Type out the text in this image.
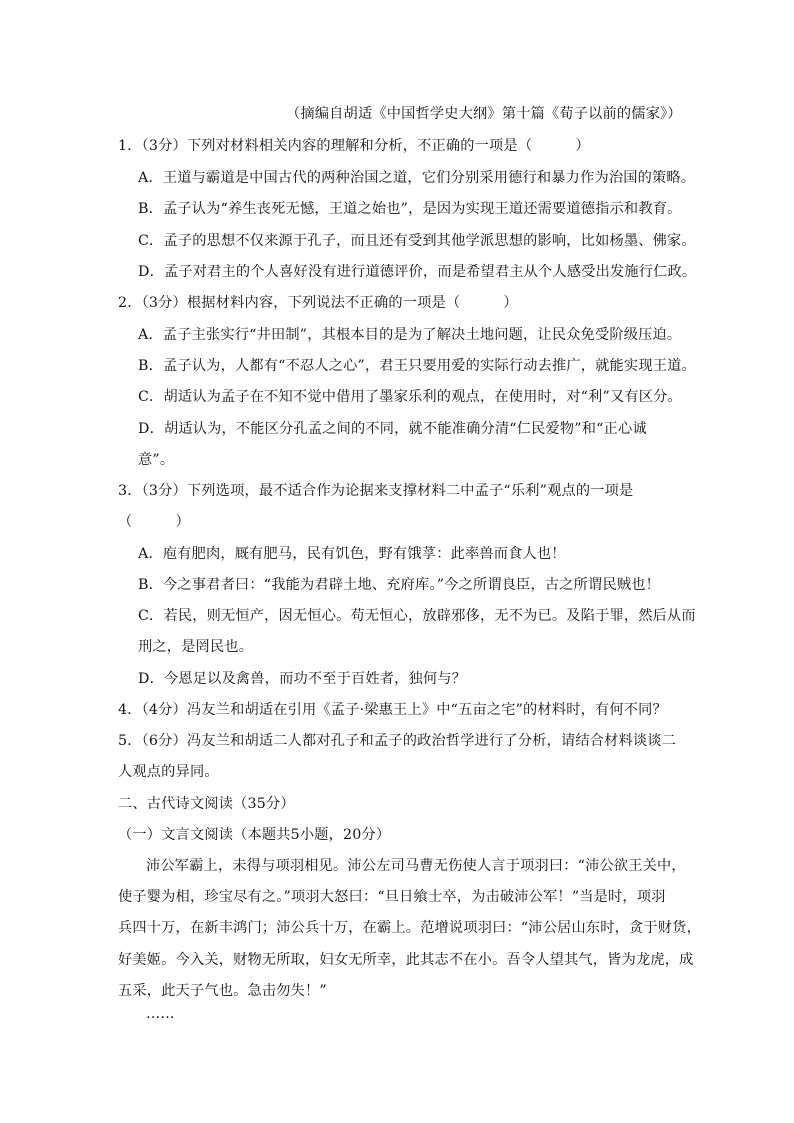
（摘编自胡适《中国哲学史大纲》第十篇《荀子以前的儒家》）
1．（3分）下列对材料相关内容的理解和分析，不正确的一项是（　　　）
A．王道与霸道是中国古代的两种治国之道，它们分别采用德行和暴力作为治国的策略。
B．孟子认为“养生丧死无憾，王道之始也”，是因为实现王道还需要道德指示和教育。
C．孟子的思想不仅来源于孔子，而且还有受到其他学派思想的影响，比如杨墨、佛家。
D．孟子对君主的个人喜好没有进行道德评价，而是希望君主从个人感受出发施行仁政。
2．（3分）根据材料内容，下列说法不正确的一项是（　　　）
A．孟子主张实行“井田制”，其根本目的是为了解决土地问题，让民众免受阶级压迫。
B．孟子认为，人都有“不忍人之心”，君王只要用爱的实际行动去推广，就能实现王道。
C．胡适认为孟子在不知不觉中借用了墨家乐利的观点，在使用时，对“利”又有区分。
D．胡适认为，不能区分孔孟之间的不同，就不能准确分清“仁民爱物”和“正心诚
意”。
3．（3分）下列选项，最不适合作为论据来支撑材料二中孟子“乐利”观点的一项是
（　　　）
A．庖有肥肉，厩有肥马，民有饥色，野有饿莩：此率兽而食人也！
B．今之事君者曰：“我能为君辟土地、充府库。”今之所谓良臣，古之所谓民贼也！
C．若民，则无恒产，因无恒心。苟无恒心，放辟邪侈，无不为已。及陷于罪，然后从而
刑之，是罔民也。
D．今恩足以及禽兽，而功不至于百姓者，独何与？
4．（4分）冯友兰和胡适在引用《孟子·梁惠王上》中“五亩之宅”的材料时，有何不同？
5．（6分）冯友兰和胡适二人都对孔子和孟子的政治哲学进行了分析，请结合材料谈谈二
人观点的异同。
二、古代诗文阅读（35分）
（一）文言文阅读（本题共5小题，20分）
沛公军霸上，未得与项羽相见。沛公左司马曹无伤使人言于项羽曰：“沛公欲王关中，
使子婴为相，珍宝尽有之。”项羽大怒曰：“旦日飨士卒，为击破沛公军！”当是时，项羽
兵四十万，在新丰鸿门；沛公兵十万，在霸上。范增说项羽曰：“沛公居山东时，贪于财货，
好美姬。今入关，财物无所取，妇女无所幸，此其志不在小。吾令人望其气，皆为龙虎，成
五采，此天子气也。急击勿失！”
……
